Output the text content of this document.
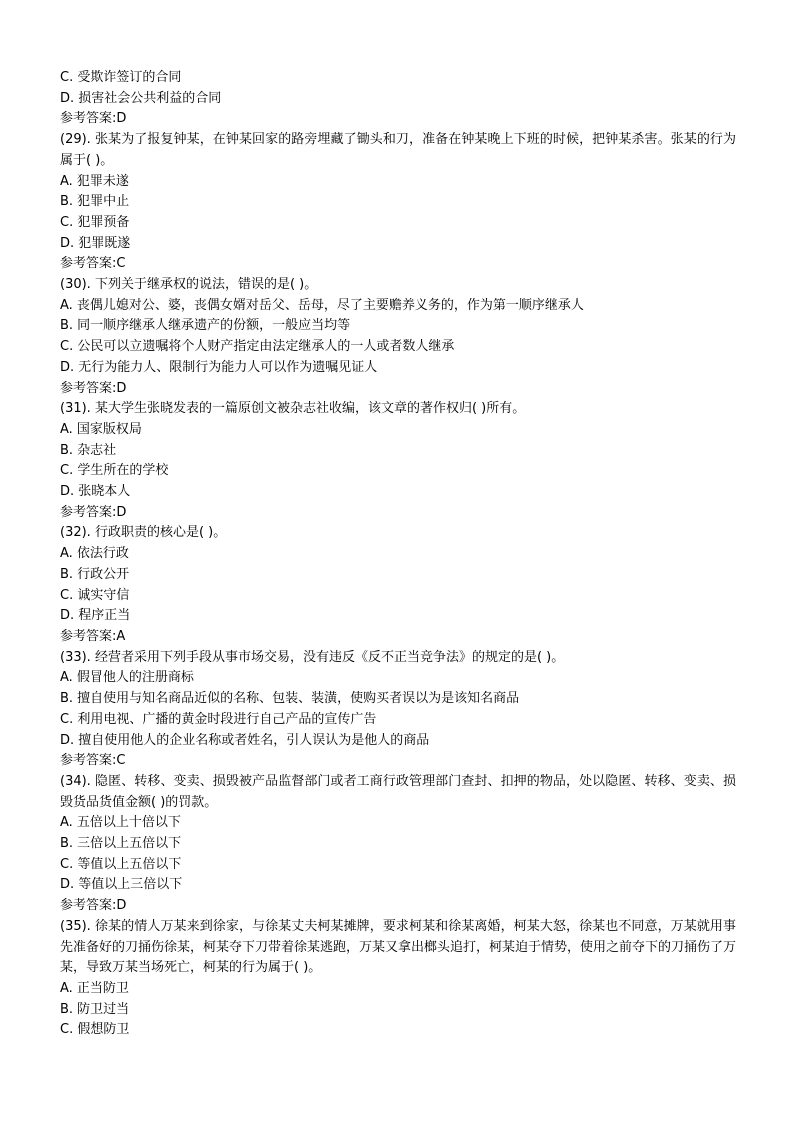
C. 受欺诈签订的合同
D. 损害社会公共利益的合同
参考答案:D
(29). 张某为了报复钟某，在钟某回家的路旁埋藏了锄头和刀，准备在钟某晚上下班的时候，把钟某杀害。张某的行为属于( )。
A. 犯罪未遂
B. 犯罪中止
C. 犯罪预备
D. 犯罪既遂
参考答案:C
(30). 下列关于继承权的说法，错误的是( )。
A. 丧偶儿媳对公、婆，丧偶女婿对岳父、岳母，尽了主要赡养义务的，作为第一顺序继承人
B. 同一顺序继承人继承遗产的份额，一般应当均等
C. 公民可以立遗嘱将个人财产指定由法定继承人的一人或者数人继承
D. 无行为能力人、限制行为能力人可以作为遗嘱见证人
参考答案:D
(31). 某大学生张晓发表的一篇原创文被杂志社收编，该文章的著作权归( )所有。
A. 国家版权局
B. 杂志社
C. 学生所在的学校
D. 张晓本人
参考答案:D
(32). 行政职责的核心是( )。
A. 依法行政
B. 行政公开
C. 诚实守信
D. 程序正当
参考答案:A
(33). 经营者采用下列手段从事市场交易，没有违反《反不正当竞争法》的规定的是( )。
A. 假冒他人的注册商标
B. 擅自使用与知名商品近似的名称、包装、装潢，使购买者误以为是该知名商品
C. 利用电视、广播的黄金时段进行自己产品的宣传广告
D. 擅自使用他人的企业名称或者姓名，引人误认为是他人的商品
参考答案:C
(34). 隐匿、转移、变卖、损毁被产品监督部门或者工商行政管理部门查封、扣押的物品，处以隐匿、转移、变卖、损毁货品货值金额( )的罚款。
A. 五倍以上十倍以下
B. 三倍以上五倍以下
C. 等值以上五倍以下
D. 等值以上三倍以下
参考答案:D
(35). 徐某的情人万某来到徐家，与徐某丈夫柯某摊牌，要求柯某和徐某离婚，柯某大怒，徐某也不同意，万某就用事先准备好的刀捅伤徐某，柯某夺下刀带着徐某逃跑，万某又拿出榔头追打，柯某迫于情势，使用之前夺下的刀捅伤了万某，导致万某当场死亡，柯某的行为属于( )。
A. 正当防卫
B. 防卫过当
C. 假想防卫
